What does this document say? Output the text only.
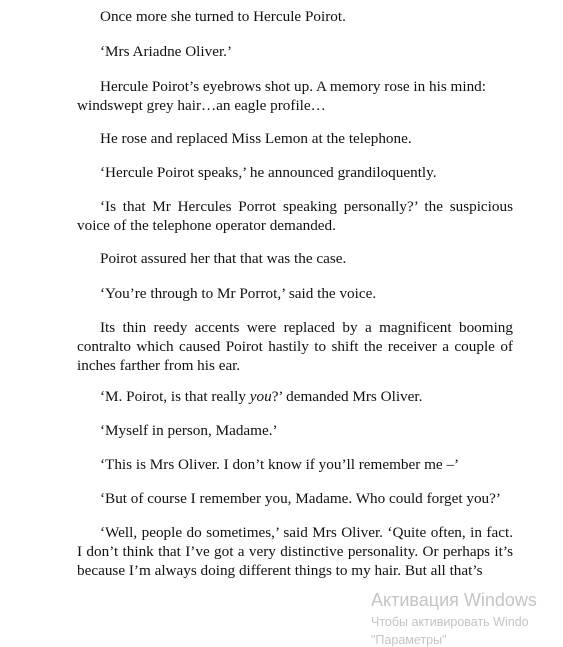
Once more she turned to Hercule Poirot.

‘Mrs Ariadne Oliver.’

Hercule Poirot’s eyebrows shot up. A memory rose in his mind: windswept grey hair…an eagle profile…

He rose and replaced Miss Lemon at the telephone.

‘Hercule Poirot speaks,’ he announced grandiloquently.

‘Is that Mr Hercules Porrot speaking personally?’ the suspicious voice of the telephone operator demanded.

Poirot assured her that that was the case.

‘You’re through to Mr Porrot,’ said the voice.

Its thin reedy accents were replaced by a magnificent booming contralto which caused Poirot hastily to shift the receiver a couple of inches farther from his ear.

‘M. Poirot, is that really you?’ demanded Mrs Oliver.

‘Myself in person, Madame.’

‘This is Mrs Oliver. I don’t know if you’ll remember me –’

‘But of course I remember you, Madame. Who could forget you?’

‘Well, people do sometimes,’ said Mrs Oliver. ‘Quite often, in fact. I don’t think that I’ve got a very distinctive personality. Or perhaps it’s because I’m always doing different things to my hair. But all that’s

Активация Windows
Чтобы активировать Windo
"Параметры"
